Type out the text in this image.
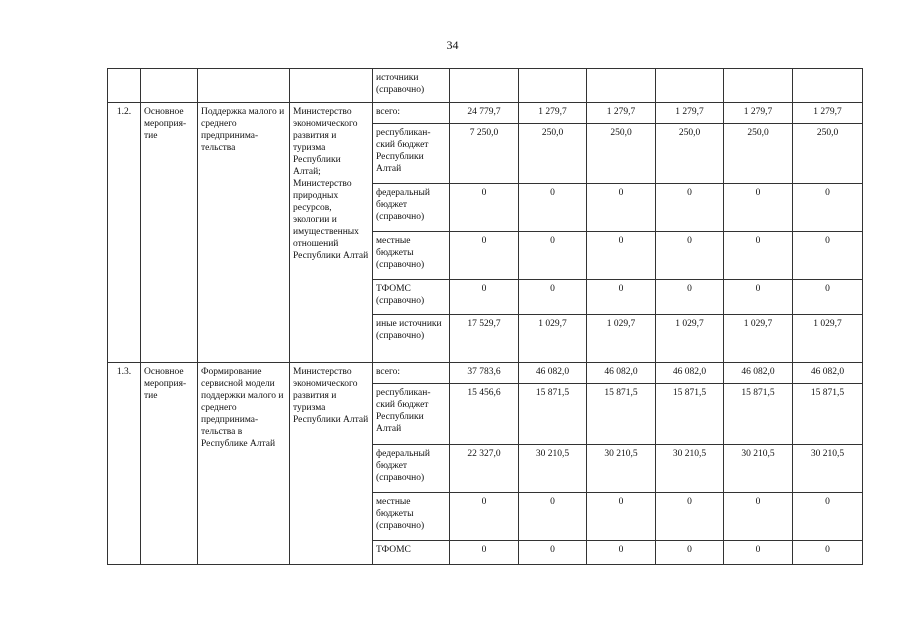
34
				источники (справочно)						
1.2.	Основное мероприя-тие	Поддержка малого и среднего предпринима-тельства	Министерство экономического развития и туризма Республики Алтай; Министерство природных ресурсов, экологии и имущественных отношений Республики Алтай	всего:	24 779,7	1 279,7	1 279,7	1 279,7	1 279,7	1 279,7
				республикан-ский бюджет Республики Алтай	7 250,0	250,0	250,0	250,0	250,0	250,0
				федеральный бюджет (справочно)	0	0	0	0	0	0
				местные бюджеты (справочно)	0	0	0	0	0	0
				ТФОМС (справочно)	0	0	0	0	0	0
				иные источники (справочно)	17 529,7	1 029,7	1 029,7	1 029,7	1 029,7	1 029,7
1.3.	Основное мероприя-тие	Формирование сервисной модели поддержки малого и среднего предпринима-тельства в Республике Алтай	Министерство экономического развития и туризма Республики Алтай	всего:	37 783,6	46 082,0	46 082,0	46 082,0	46 082,0	46 082,0
				республикан-ский бюджет Республики Алтай	15 456,6	15 871,5	15 871,5	15 871,5	15 871,5	15 871,5
				федеральный бюджет (справочно)	22 327,0	30 210,5	30 210,5	30 210,5	30 210,5	30 210,5
				местные бюджеты (справочно)	0	0	0	0	0	0
				ТФОМС	0	0	0	0	0	0
